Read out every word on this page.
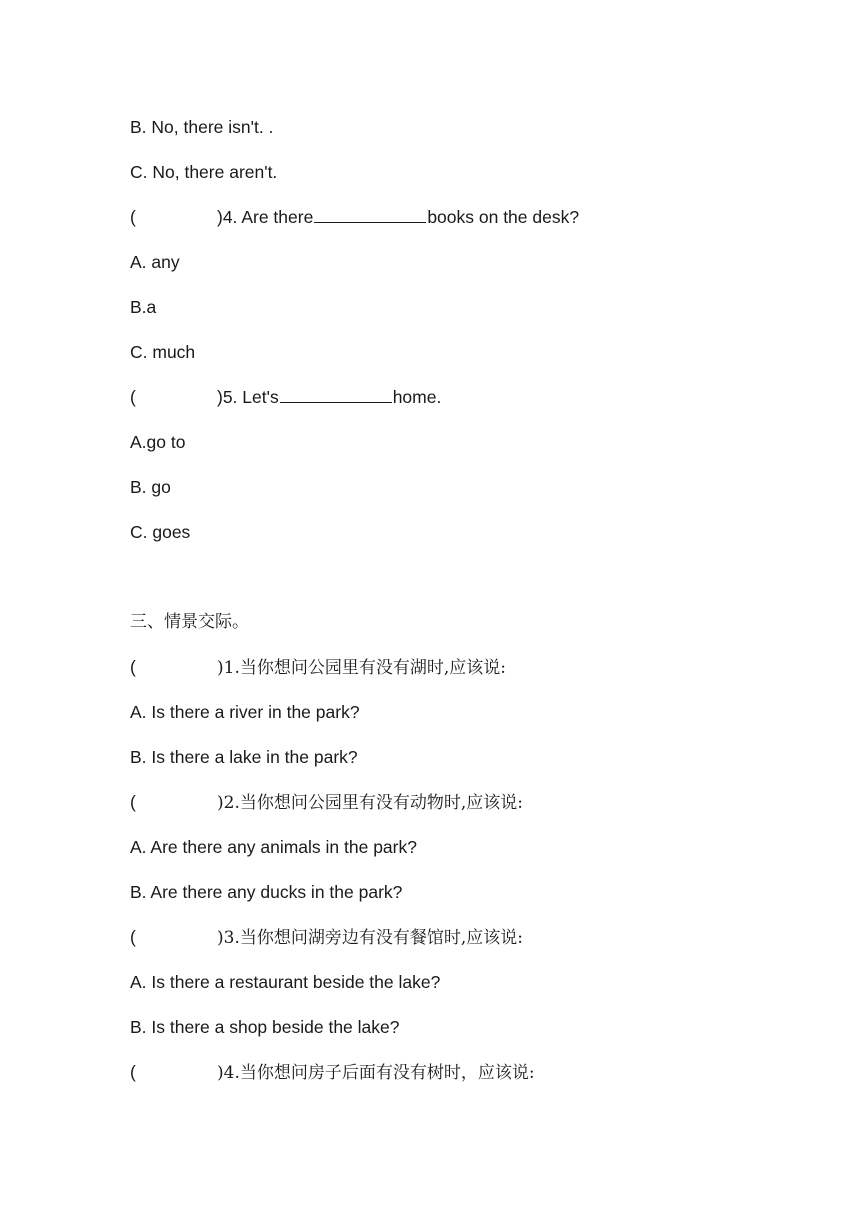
B. No, there isn't. .
C. No, there aren't.
(	)4. Are there	books on the desk?
A. any
B.a
C. much
(	)5. Let's	home.
A.go to
B. go
C. goes
三、情景交际。
(	)1.当你想问公园里有没有湖时,应该说:
A. Is there a river in the park?
B. Is there a lake in the park?
(	)2.当你想问公园里有没有动物时,应该说:
A. Are there any animals in the park?
B. Are there any ducks in the park?
(	)3.当你想问湖旁边有没有餐馆时,应该说:
A. Is there a restaurant beside the lake?
B. Is there a shop beside the lake?
(	)4.当你想问房子后面有没有树时，应该说:
